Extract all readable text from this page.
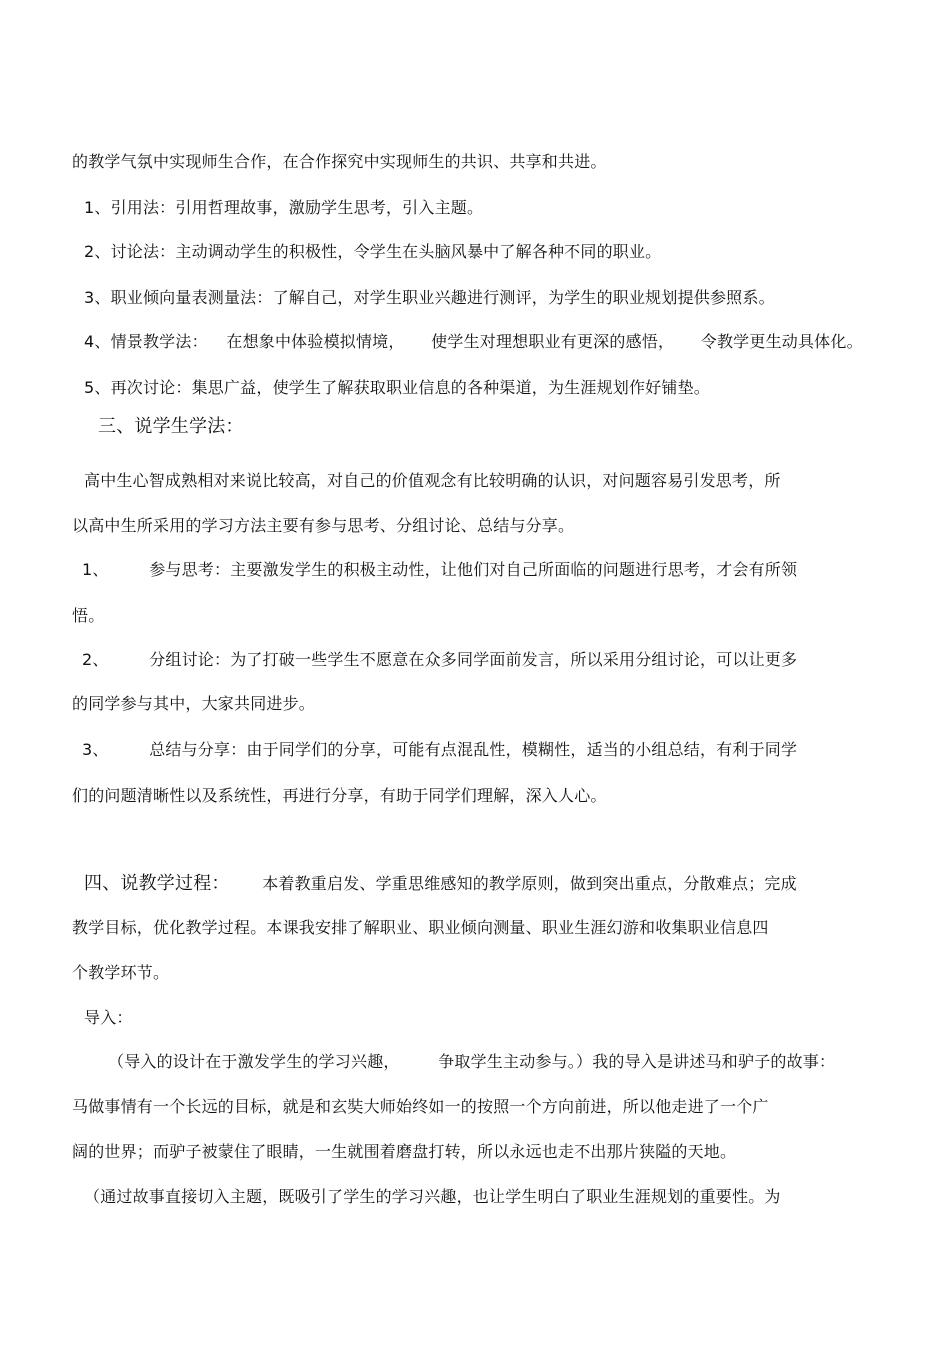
的教学气氛中实现师生合作，在合作探究中实现师生的共识、共享和共进。
1、引用法：引用哲理故事，激励学生思考，引入主题。
2、讨论法：主动调动学生的积极性，令学生在头脑风暴中了解各种不同的职业。
3、职业倾向量表测量法：了解自己，对学生职业兴趣进行测评，为学生的职业规划提供参照系。
4、情景教学法： 在想象中体验模拟情境， 使学生对理想职业有更深的感悟， 令教学更生动具体化。
5、再次讨论：集思广益，使学生了解获取职业信息的各种渠道，为生涯规划作好铺垫。
三、说学生学法：
高中生心智成熟相对来说比较高，对自己的价值观念有比较明确的认识，对问题容易引发思考，所
以高中生所采用的学习方法主要有参与思考、分组讨论、总结与分享。
1、	参与思考：主要激发学生的积极主动性，让他们对自己所面临的问题进行思考，才会有所领
悟。
2、	分组讨论：为了打破一些学生不愿意在众多同学面前发言，所以采用分组讨论，可以让更多
的同学参与其中，大家共同进步。
3、	总结与分享：由于同学们的分享，可能有点混乱性，模糊性，适当的小组总结，有利于同学
们的问题清晰性以及系统性，再进行分享，有助于同学们理解，深入人心。
四、说教学过程： 本着教重启发、学重思维感知的教学原则，做到突出重点，分散难点；完成
教学目标，优化教学过程。本课我安排了解职业、职业倾向测量、职业生涯幻游和收集职业信息四
个教学环节。
导入：
（导入的设计在于激发学生的学习兴趣， 争取学生主动参与。）我的导入是讲述马和驴子的故事：
马做事情有一个长远的目标，就是和玄奘大师始终如一的按照一个方向前进，所以他走进了一个广
阔的世界；而驴子被蒙住了眼睛，一生就围着磨盘打转，所以永远也走不出那片狭隘的天地。
（通过故事直接切入主题，既吸引了学生的学习兴趣，也让学生明白了职业生涯规划的重要性。为
